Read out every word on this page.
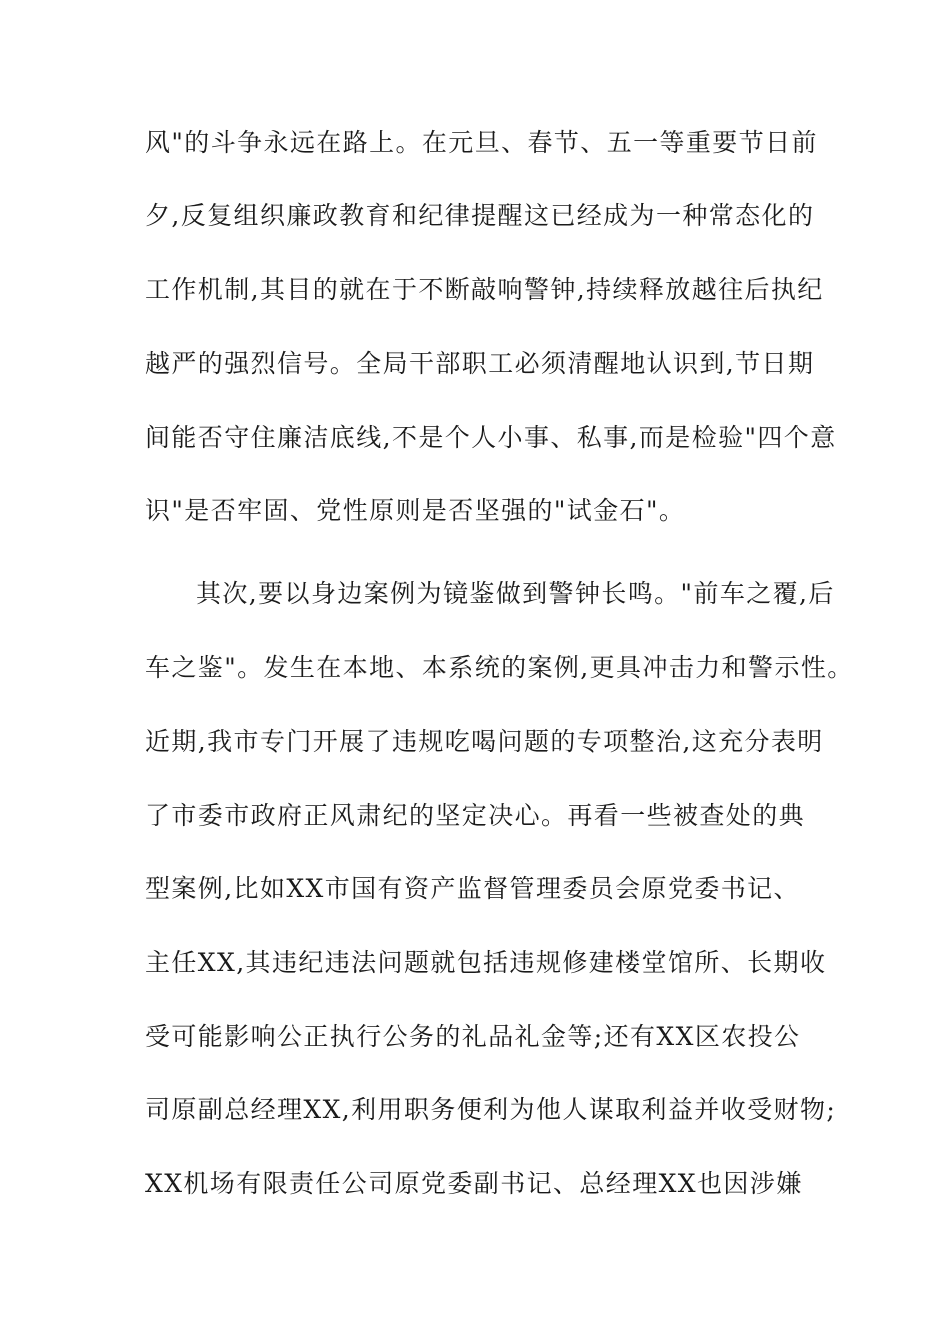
风"的斗争永远在路上。在元旦、春节、五一等重要节日前
夕,反复组织廉政教育和纪律提醒这已经成为一种常态化的
工作机制,其目的就在于不断敲响警钟,持续释放越往后执纪
越严的强烈信号。全局干部职工必须清醒地认识到,节日期
间能否守住廉洁底线,不是个人小事、私事,而是检验"四个意
识"是否牢固、党性原则是否坚强的"试金石"。
其次,要以身边案例为镜鉴做到警钟长鸣。"前车之覆,后
车之鉴"。发生在本地、本系统的案例,更具冲击力和警示性。
近期,我市专门开展了违规吃喝问题的专项整治,这充分表明
了市委市政府正风肃纪的坚定决心。再看一些被查处的典
型案例,比如XX市国有资产监督管理委员会原党委书记、
主任XX,其违纪违法问题就包括违规修建楼堂馆所、长期收
受可能影响公正执行公务的礼品礼金等;还有XX区农投公
司原副总经理XX,利用职务便利为他人谋取利益并收受财物;
XX机场有限责任公司原党委副书记、总经理XX也因涉嫌
